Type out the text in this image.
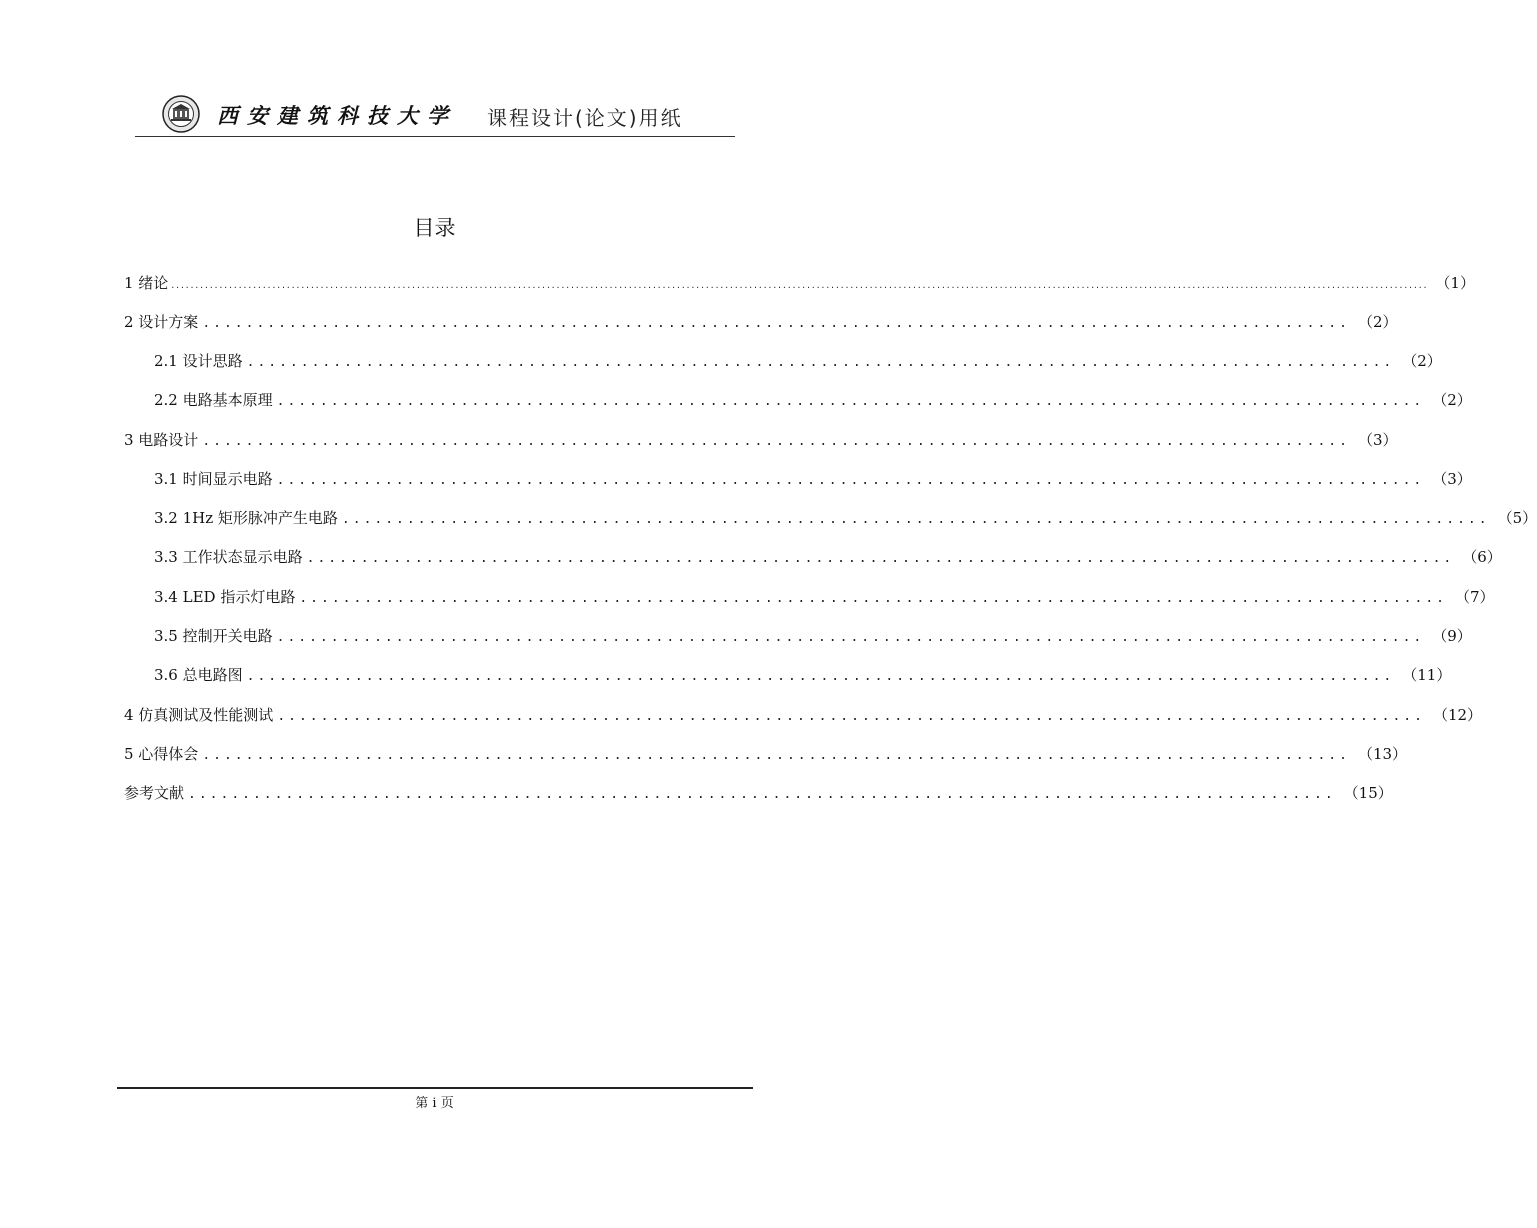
西安建筑科技大学 课程设计(论文)用纸
目录
1 绪论 ..................................................................................................................................................................................................................................................................... （1）
2 设计方案 .......................................................................................................... （2）
2.1 设计思路 .......................................................................................................... （2）
2.2 电路基本原理 .......................................................................................................... （2）
3 电路设计 .......................................................................................................... （3）
3.1 时间显示电路 .......................................................................................................... （3）
3.2 1Hz 矩形脉冲产生电路 .......................................................................................................... （5）
3.3 工作状态显示电路 .......................................................................................................... （6）
3.4 LED 指示灯电路 .......................................................................................................... （7）
3.5 控制开关电路 .......................................................................................................... （9）
3.6 总电路图 .......................................................................................................... （11）
4 仿真测试及性能测试 .......................................................................................................... （12）
5 心得体会 .......................................................................................................... （13）
参考文献 .......................................................................................................... （15）
第 i 页
